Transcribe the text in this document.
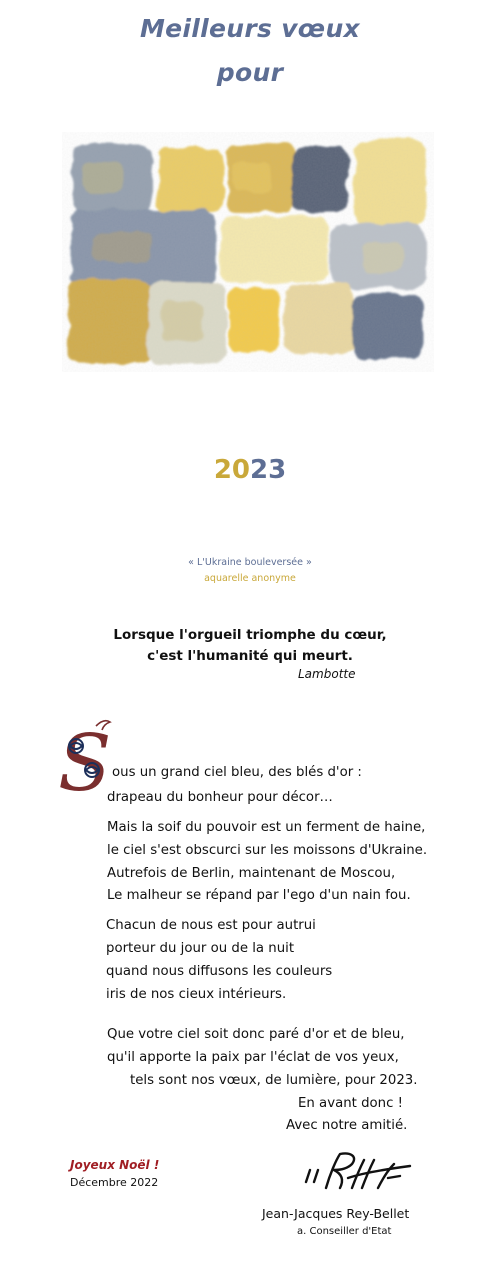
Meilleurs vœux
pour
2023
« L'Ukraine bouleversée »
aquarelle anonyme
Lorsque l'orgueil triomphe du cœur,
c'est l'humanité qui meurt.
Lambotte
S ous un grand ciel bleu, des blés d'or :
drapeau du bonheur pour décor…
Mais la soif du pouvoir est un ferment de haine,
le ciel s'est obscurci sur les moissons d'Ukraine.
Autrefois de Berlin, maintenant de Moscou,
Le malheur se répand par l'ego d'un nain fou.
Chacun de nous est pour autrui
porteur du jour ou de la nuit
quand nous diffusons les couleurs
iris de nos cieux intérieurs.
Que votre ciel soit donc paré d'or et de bleu,
qu'il apporte la paix par l'éclat de vos yeux,
tels sont nos vœux, de lumière, pour 2023.
En avant donc !
Avec notre amitié.
Joyeux Noël !
Décembre 2022
Jean-Jacques Rey-Bellet
a. Conseiller d'Etat
